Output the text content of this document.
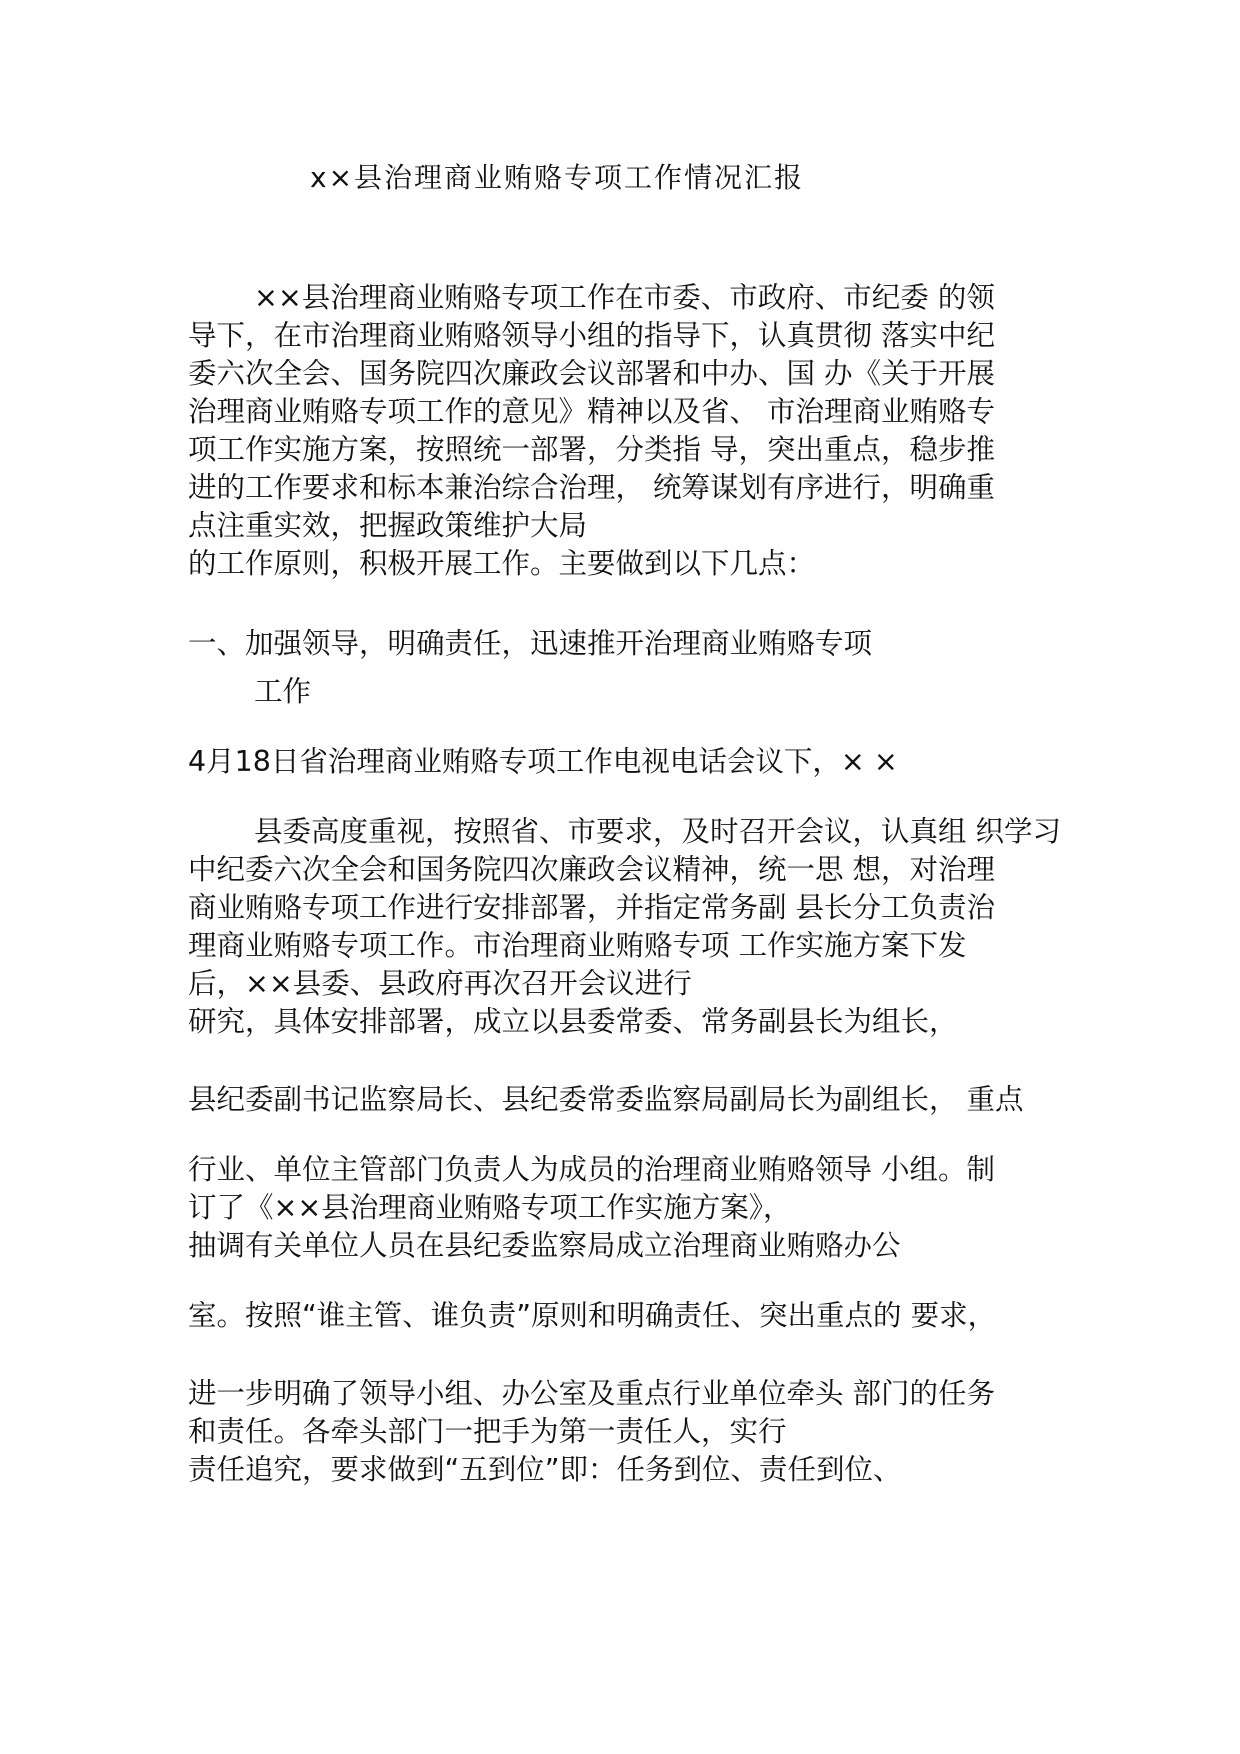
x×县治理商业贿赂专项工作情况汇报
××县治理商业贿赂专项工作在市委、市政府、市纪委 的领
导下，在市治理商业贿赂领导小组的指导下，认真贯彻 落实中纪
委六次全会、国务院四次廉政会议部署和中办、国 办《关于开展
治理商业贿赂专项工作的意见》精神以及省、 市治理商业贿赂专
项工作实施方案，按照统一部署，分类指 导，突出重点，稳步推
进的工作要求和标本兼治综合治理， 统筹谋划有序进行，明确重
点注重实效，把握政策维护大局
的工作原则，积极开展工作。主要做到以下几点：
一、加强领导，明确责任，迅速推开治理商业贿赂专项
工作
4月18日省治理商业贿赂专项工作电视电话会议下，× ×
县委高度重视，按照省、市要求，及时召开会议，认真组 织学习
中纪委六次全会和国务院四次廉政会议精神，统一思 想，对治理
商业贿赂专项工作进行安排部署，并指定常务副 县长分工负责治
理商业贿赂专项工作。市治理商业贿赂专项 工作实施方案下发
后，××县委、县政府再次召开会议进行
研究，具体安排部署，成立以县委常委、常务副县长为组长，
县纪委副书记监察局长、县纪委常委监察局副局长为副组长， 重点
行业、单位主管部门负责人为成员的治理商业贿赂领导 小组。制
订了《××县治理商业贿赂专项工作实施方案》，
抽调有关单位人员在县纪委监察局成立治理商业贿赂办公
室。按照“谁主管、谁负责”原则和明确责任、突出重点的 要求，
进一步明确了领导小组、办公室及重点行业单位牵头 部门的任务
和责任。各牵头部门一把手为第一责任人，实行
责任追究，要求做到“五到位”即：任务到位、责任到位、
